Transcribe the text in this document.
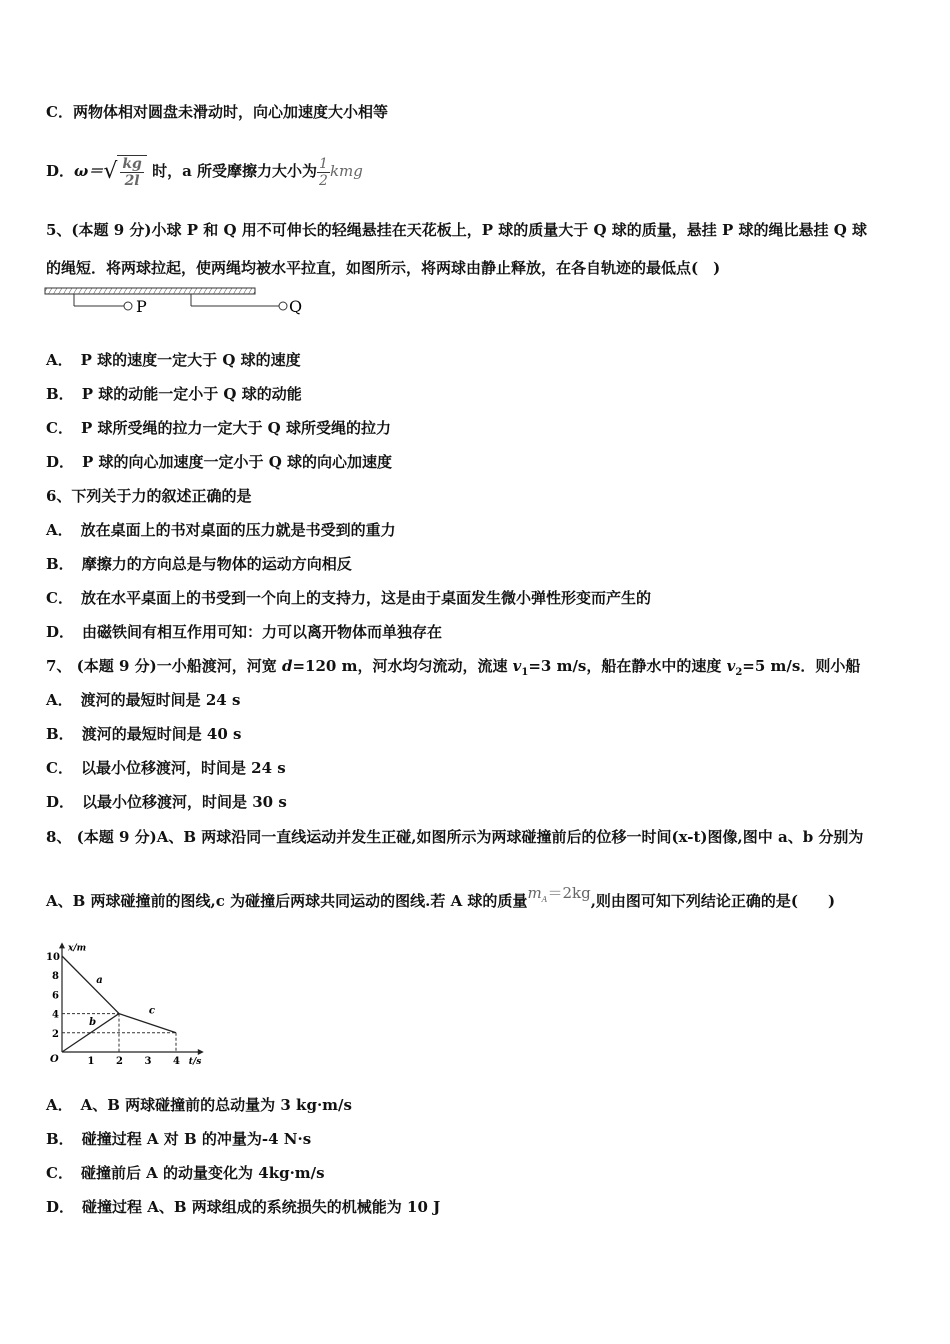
C．两物体相对圆盘未滑动时，向心加速度大小相等
D．$\omega=√ \frac{kg}{2l}$ 时，a 所受摩擦力大小为 $\frac{1}{2}$ kmg
5、(本题 9 分)小球 P 和 Q 用不可伸长的轻绳悬挂在天花板上，P 球的质量大于 Q 球的质量，悬挂 P 球的绳比悬挂 Q 球
的绳短．将两球拉起，使两绳均被水平拉直，如图所示，将两球由静止释放，在各自轨迹的最低点(　)
P	Q
A． P 球的速度一定大于 Q 球的速度
B． P 球的动能一定小于 Q 球的动能
C． P 球所受绳的拉力一定大于 Q 球所受绳的拉力
D． P 球的向心加速度一定小于 Q 球的向心加速度
6、下列关于力的叙述正确的是
A． 放在桌面上的书对桌面的压力就是书受到的重力
B． 摩擦力的方向总是与物体的运动方向相反
C． 放在水平桌面上的书受到一个向上的支持力，这是由于桌面发生微小弹性形变而产生的
D． 由磁铁间有相互作用可知：力可以离开物体而单独存在
7、 (本题 9 分)一小船渡河，河宽 d=120 m，河水均匀流动，流速 $v_1=3$ m/s，船在静水中的速度 $v_2=5$ m/s．则小船
A． 渡河的最短时间是 24 s
B． 渡河的最短时间是 40 s
C． 以最小位移渡河，时间是 24 s
D． 以最小位移渡河，时间是 30 s
8、 (本题 9 分)A、B 两球沿同一直线运动并发生正碰,如图所示为两球碰撞前后的位移一时间(x-t)图像,图中 a、b 分别为
A、B 两球碰撞前的图线,c 为碰撞后两球共同运动的图线.若 A 球的质量$m_A=2kg$,则由图可知下列结论正确的是(　　)
x/m
t/s
O	1 2 3 4
2
4
6
8
10
a
b
c
A． A、B 两球碰撞前的总动量为 3 kg·m/s
B． 碰撞过程 A 对 B 的冲量为-4 N·s
C． 碰撞前后 A 的动量变化为 4kg·m/s
D． 碰撞过程 A、B 两球组成的系统损失的机械能为 10 J
